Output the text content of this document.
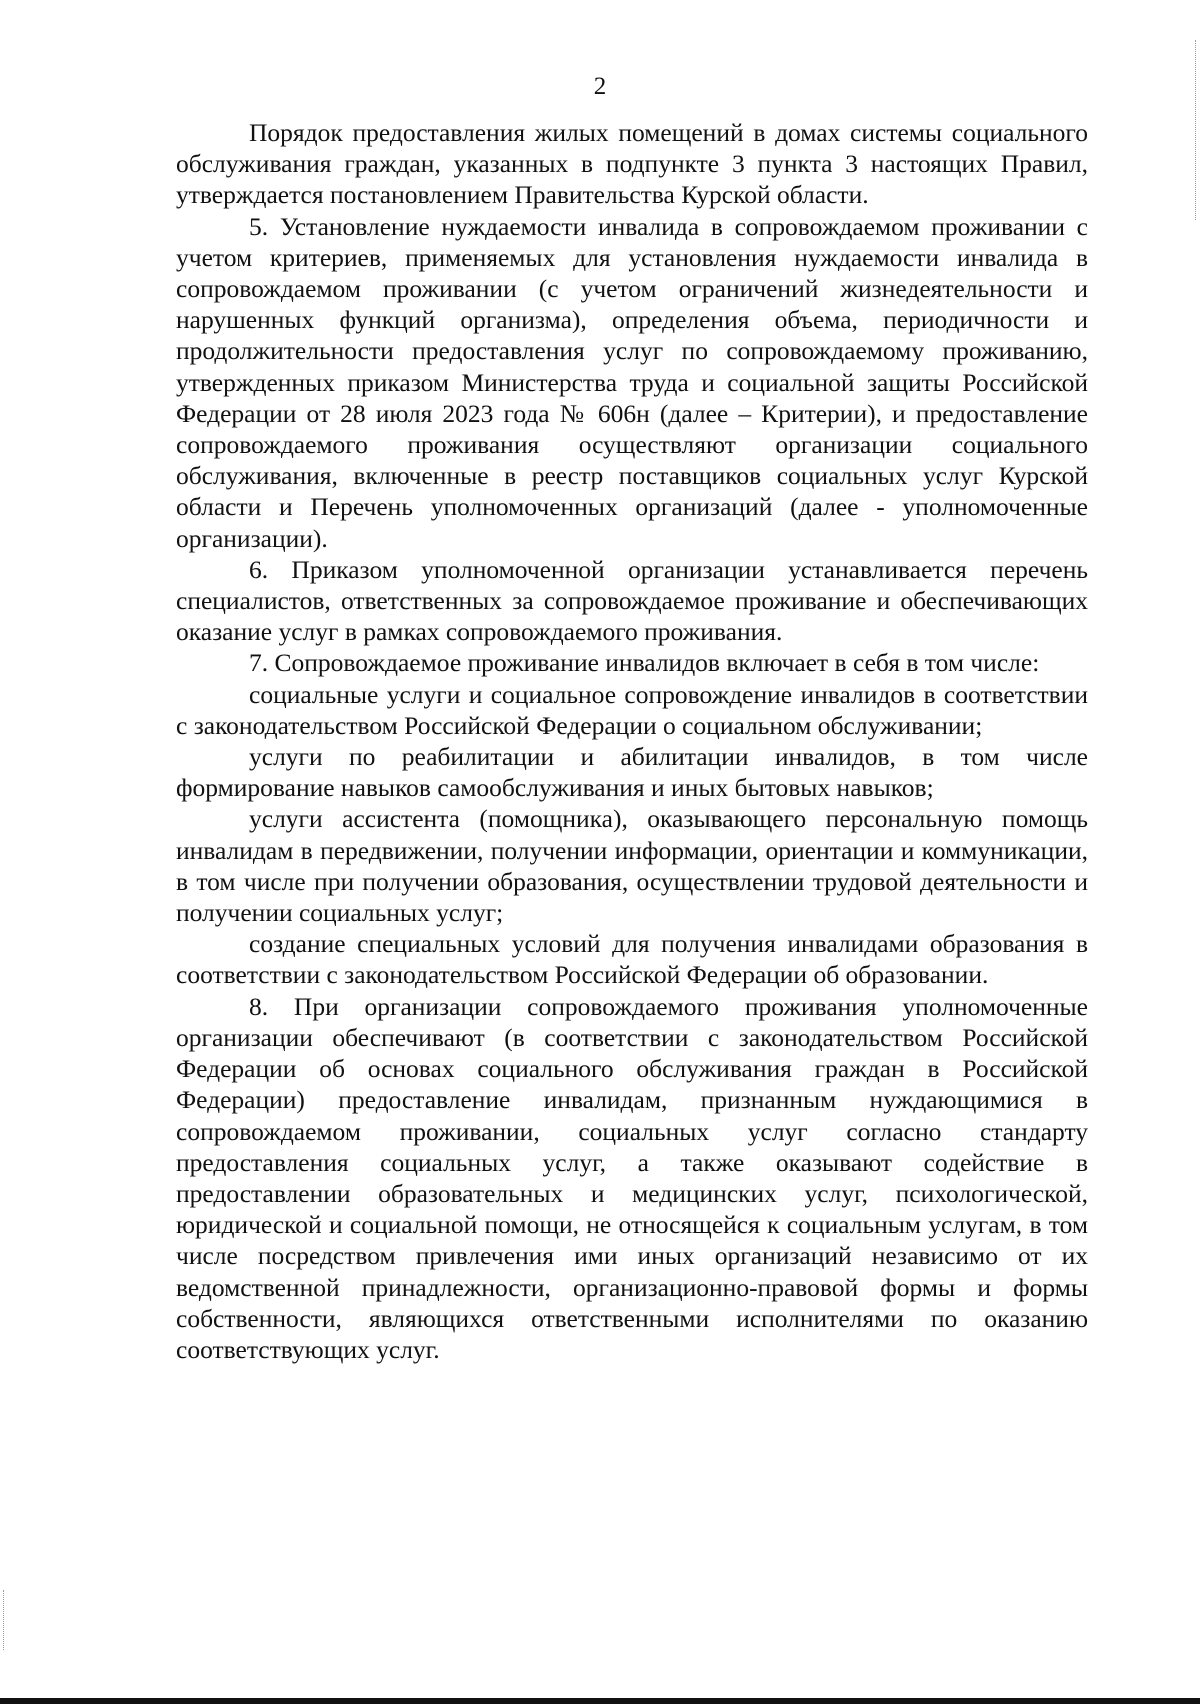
2

Порядок предоставления жилых помещений в домах системы социального обслуживания граждан, указанных в подпункте 3 пункта 3 настоящих Правил, утверждается постановлением Правительства Курской области.

5. Установление нуждаемости инвалида в сопровождаемом проживании с учетом критериев, применяемых для установления нуждаемости инвалида в сопровождаемом проживании (с учетом ограничений жизнедеятельности и нарушенных функций организма), определения объема, периодичности и продолжительности предоставления услуг по сопровождаемому проживанию, утвержденных приказом Министерства труда и социальной защиты Российской Федерации от 28 июля 2023 года № 606н (далее – Критерии), и предоставление сопровождаемого проживания осуществляют организации социального обслуживания, включенные в реестр поставщиков социальных услуг Курской области и Перечень уполномоченных организаций (далее - уполномоченные организации).

6. Приказом уполномоченной организации устанавливается перечень специалистов, ответственных за сопровождаемое проживание и обеспечивающих оказание услуг в рамках сопровождаемого проживания.

7. Сопровождаемое проживание инвалидов включает в себя в том числе:

социальные услуги и социальное сопровождение инвалидов в соответствии с законодательством Российской Федерации о социальном обслуживании;

услуги по реабилитации и абилитации инвалидов, в том числе формирование навыков самообслуживания и иных бытовых навыков;

услуги ассистента (помощника), оказывающего персональную помощь инвалидам в передвижении, получении информации, ориентации и коммуникации, в том числе при получении образования, осуществлении трудовой деятельности и получении социальных услуг;

создание специальных условий для получения инвалидами образования в соответствии с законодательством Российской Федерации об образовании.

8. При организации сопровождаемого проживания уполномоченные организации обеспечивают (в соответствии с законодательством Российской Федерации об основах социального обслуживания граждан в Российской Федерации) предоставление инвалидам, признанным нуждающимися в сопровождаемом проживании, социальных услуг согласно стандарту предоставления социальных услуг, а также оказывают содействие в предоставлении образовательных и медицинских услуг, психологической, юридической и социальной помощи, не относящейся к социальным услугам, в том числе посредством привлечения ими иных организаций независимо от их ведомственной принадлежности, организационно-правовой формы и формы собственности, являющихся ответственными исполнителями по оказанию соответствующих услуг.
